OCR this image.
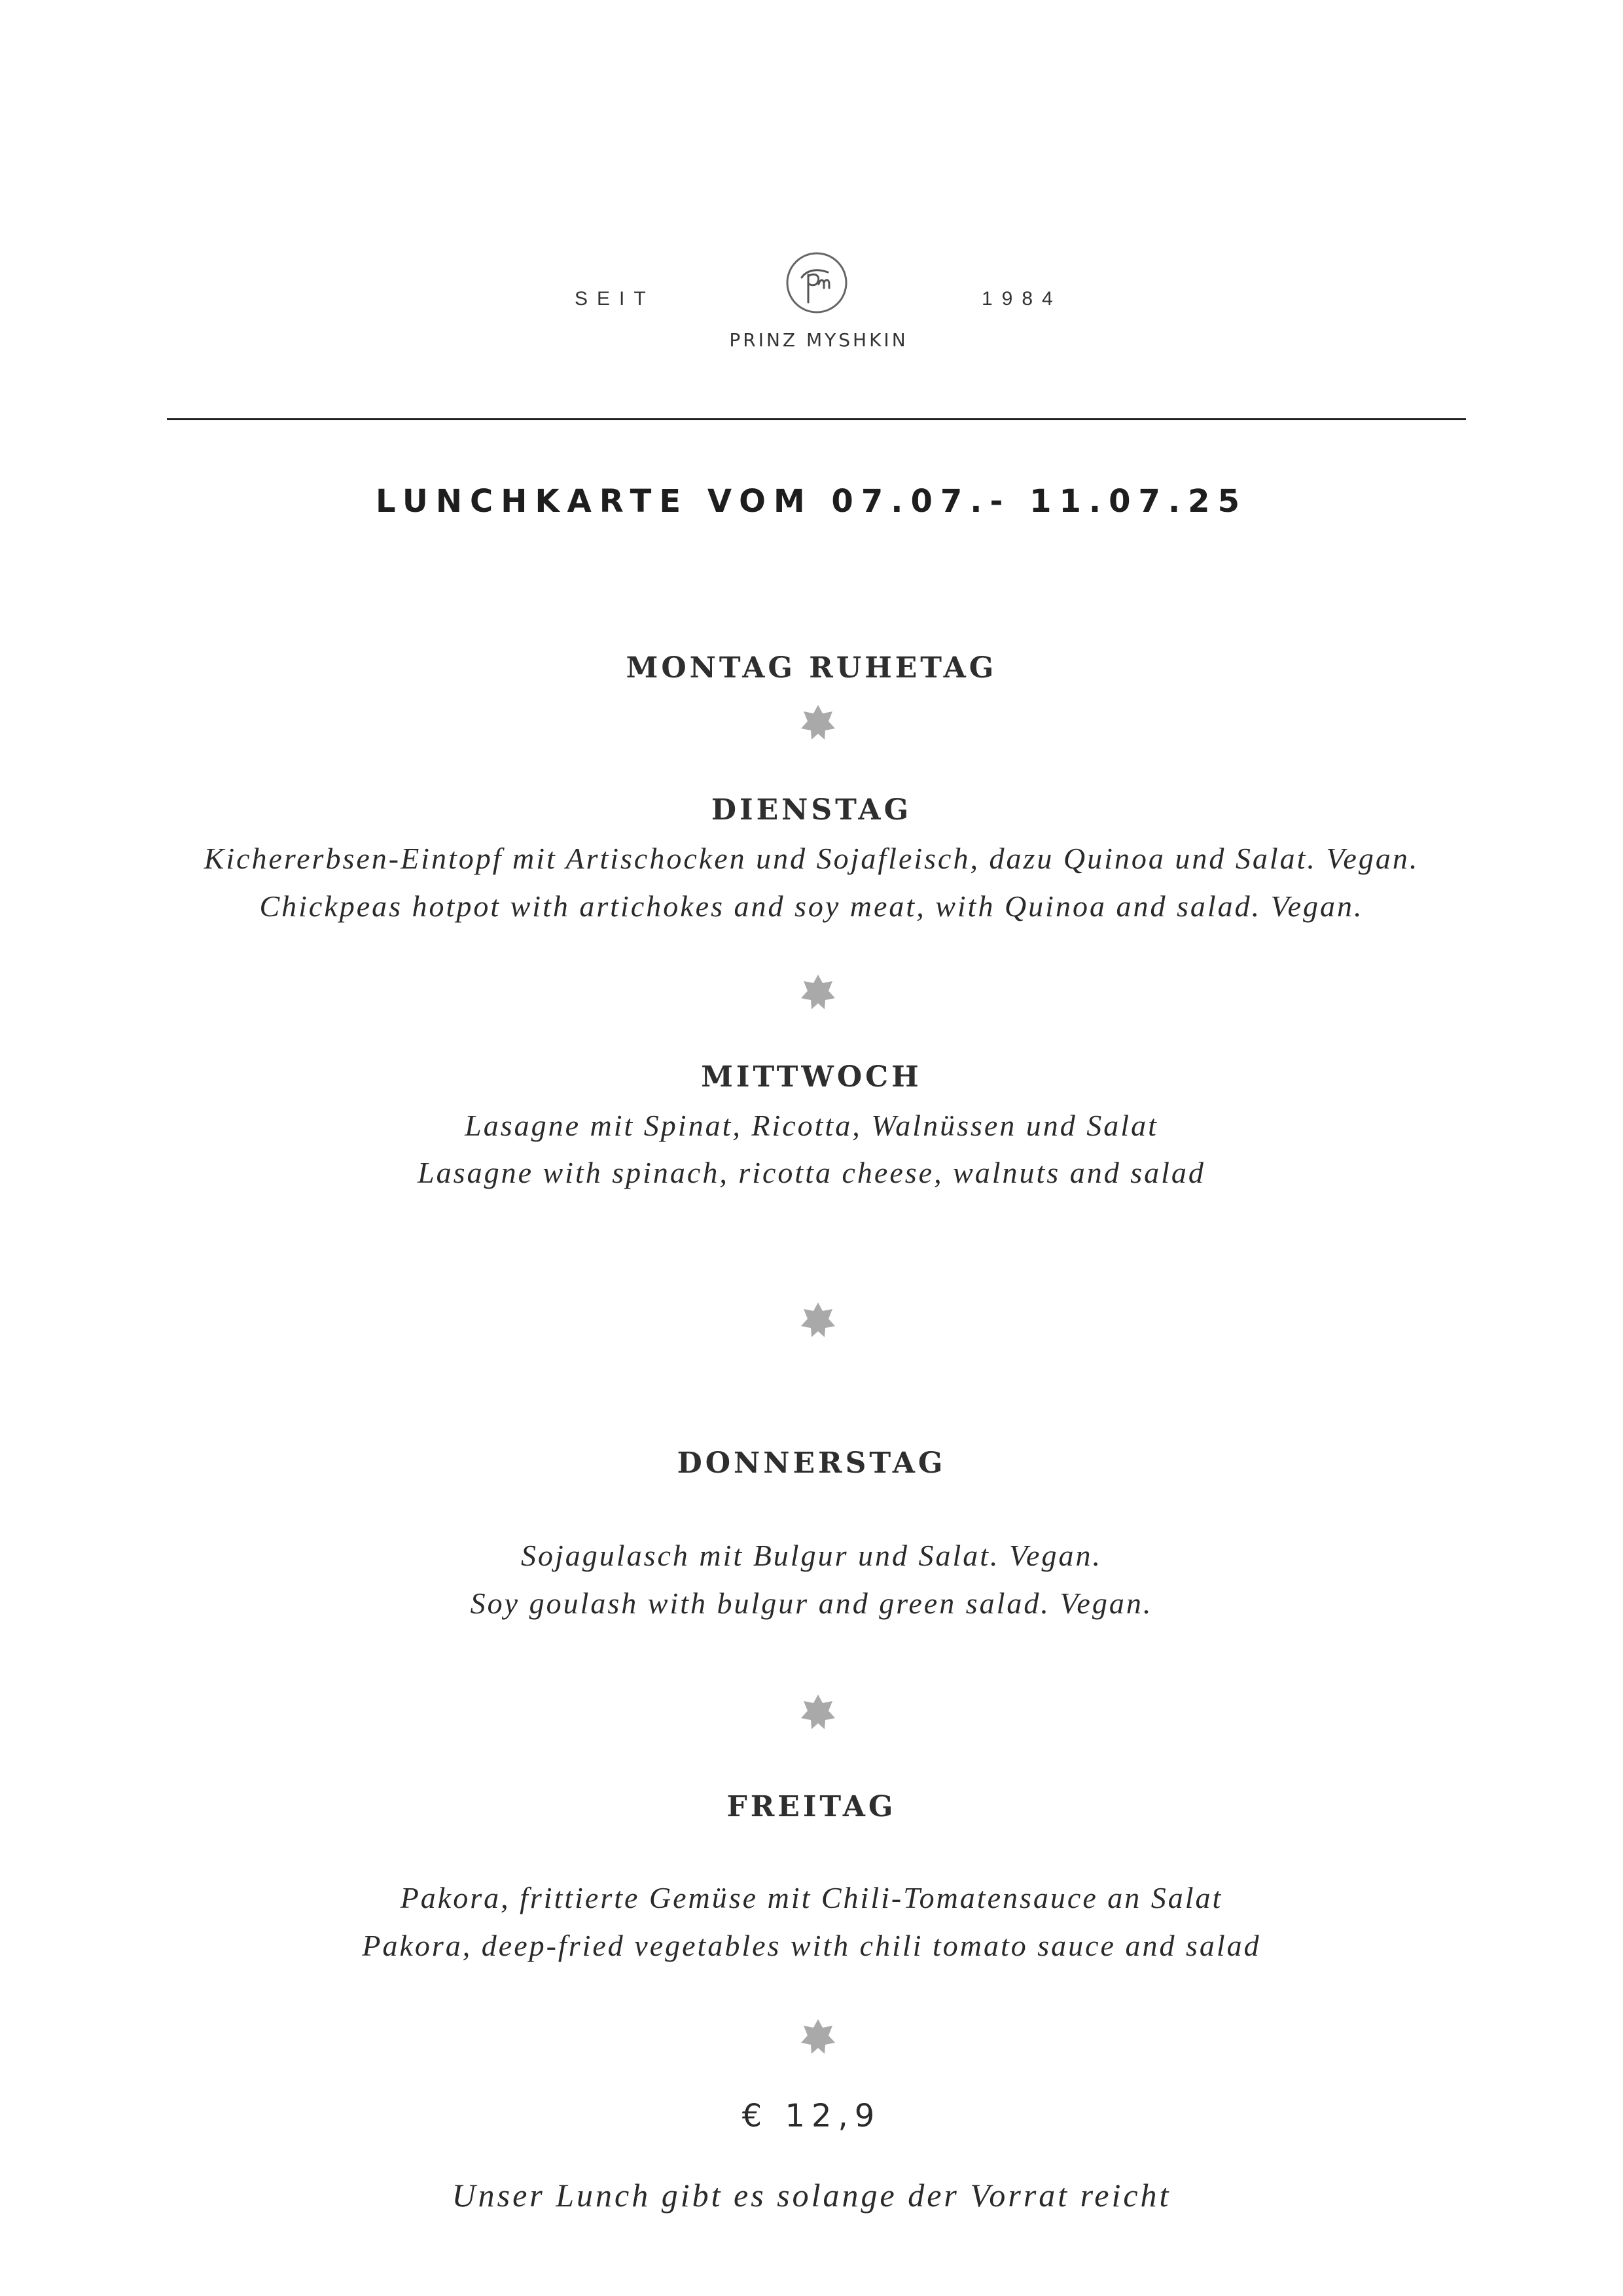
SEIT	1984
PRINZ MYSHKIN
LUNCHKARTE VOM 07.07.- 11.07.25
MONTAG RUHETAG
DIENSTAG
Kichererbsen-Eintopf mit Artischocken und Sojafleisch, dazu Quinoa und Salat. Vegan.
Chickpeas hotpot with artichokes and soy meat, with Quinoa and salad. Vegan.
MITTWOCH
Lasagne mit Spinat, Ricotta, Walnüssen und Salat
Lasagne with spinach, ricotta cheese, walnuts and salad
DONNERSTAG
Sojagulasch mit Bulgur und Salat. Vegan.
Soy goulash with bulgur and green salad. Vegan.
FREITAG
Pakora, frittierte Gemüse mit Chili-Tomatensauce an Salat
Pakora, deep-fried vegetables with chili tomato sauce and salad
€ 12,9
Unser Lunch gibt es solange der Vorrat reicht
